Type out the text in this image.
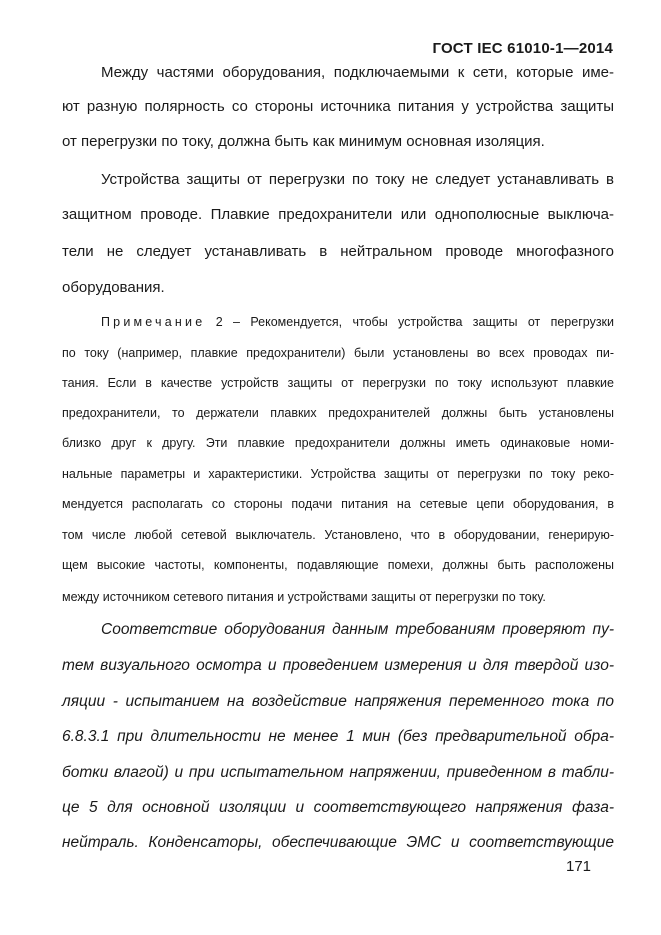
ГОСТ IEC 61010-1—2014
Между частями оборудования, подключаемыми к сети, которые име-
ют разную полярность со стороны источника питания у устройства защиты
от перегрузки по току, должна быть как минимум основная изоляция.
Устройства защиты от перегрузки по току не следует устанавливать в
защитном проводе. Плавкие предохранители или однополюсные выключа-
тели не следует устанавливать в нейтральном проводе многофазного
оборудования.
Примечание 2 – Рекомендуется, чтобы устройства защиты от перегрузки
по току (например, плавкие предохранители) были установлены во всех проводах пи-
тания. Если в качестве устройств защиты от перегрузки по току используют плавкие
предохранители, то держатели плавких предохранителей должны быть установлены
близко друг к другу. Эти плавкие предохранители должны иметь одинаковые номи-
нальные параметры и характеристики. Устройства защиты от перегрузки по току реко-
мендуется располагать со стороны подачи питания на сетевые цепи оборудования, в
том числе любой сетевой выключатель. Установлено, что в оборудовании, генерирую-
щем высокие частоты, компоненты, подавляющие помехи, должны быть расположены
между источником сетевого питания и устройствами защиты от перегрузки по току.
Соответствие оборудования данным требованиям проверяют пу-
тем визуального осмотра и проведением измерения и для твердой изо-
ляции - испытанием на воздействие напряжения переменного тока по
6.8.3.1 при длительности не менее 1 мин (без предварительной обра-
ботки влагой) и при испытательном напряжении, приведенном в табли-
це 5 для основной изоляции и соответствующего напряжения фаза-
нейтраль. Конденсаторы, обеспечивающие ЭМС и соответствующие
171
